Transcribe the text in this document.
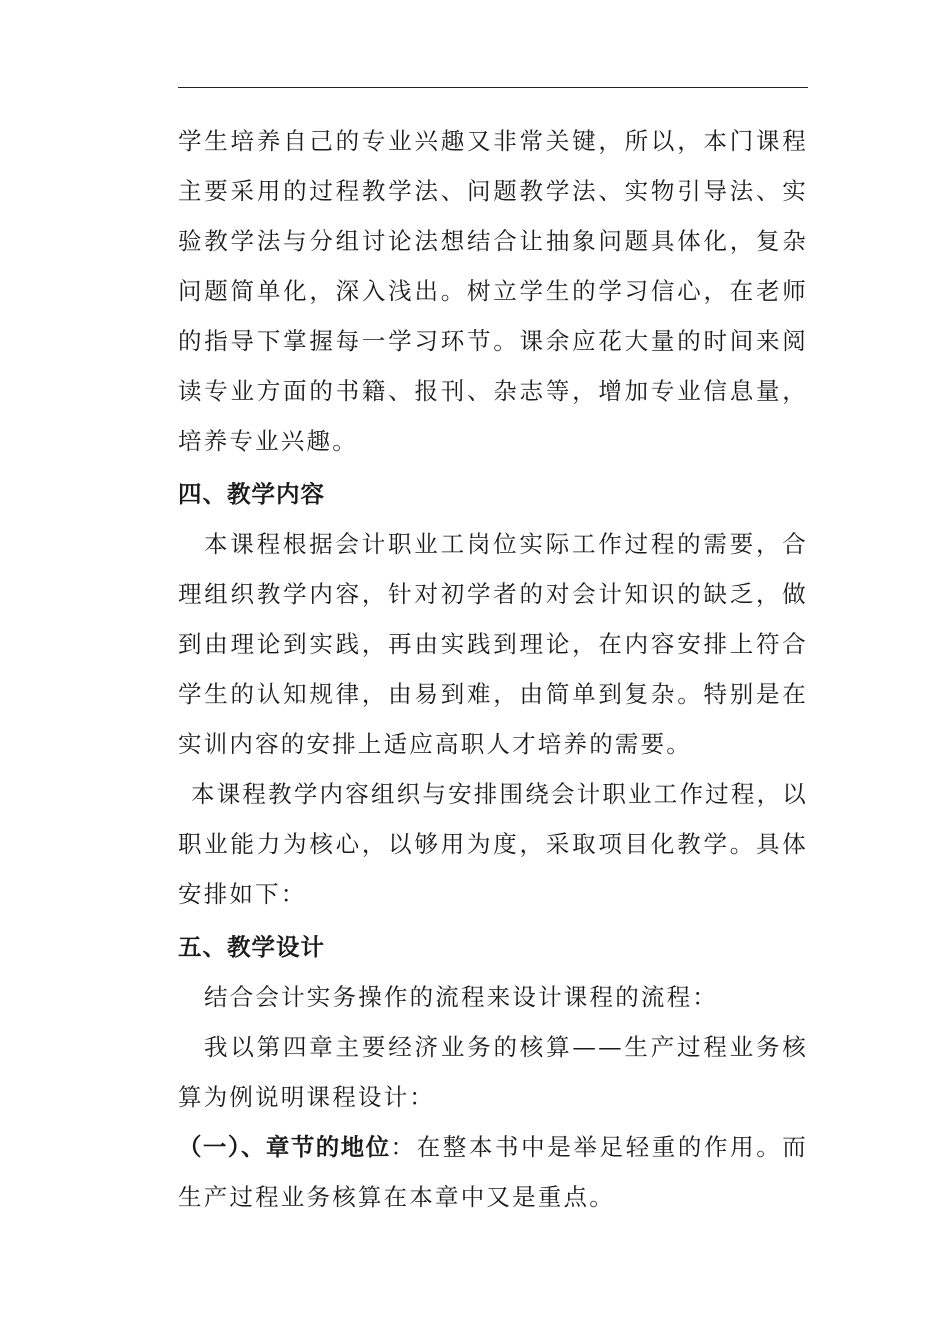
学生培养自己的专业兴趣又非常关键，所以，本门课程主要采用的过程教学法、问题教学法、实物引导法、实验教学法与分组讨论法想结合让抽象问题具体化，复杂问题简单化，深入浅出。树立学生的学习信心，在老师的指导下掌握每一学习环节。课余应花大量的时间来阅读专业方面的书籍、报刊、杂志等，增加专业信息量，培养专业兴趣。

四、教学内容

本课程根据会计职业工岗位实际工作过程的需要，合理组织教学内容，针对初学者的对会计知识的缺乏，做到由理论到实践，再由实践到理论，在内容安排上符合学生的认知规律，由易到难，由简单到复杂。特别是在实训内容的安排上适应高职人才培养的需要。

本课程教学内容组织与安排围绕会计职业工作过程，以职业能力为核心，以够用为度，采取项目化教学。具体安排如下：

五、教学设计

结合会计实务操作的流程来设计课程的流程：

我以第四章主要经济业务的核算——生产过程业务核算为例说明课程设计：

（一）、章节的地位：在整本书中是举足轻重的作用。而生产过程业务核算在本章中又是重点。
